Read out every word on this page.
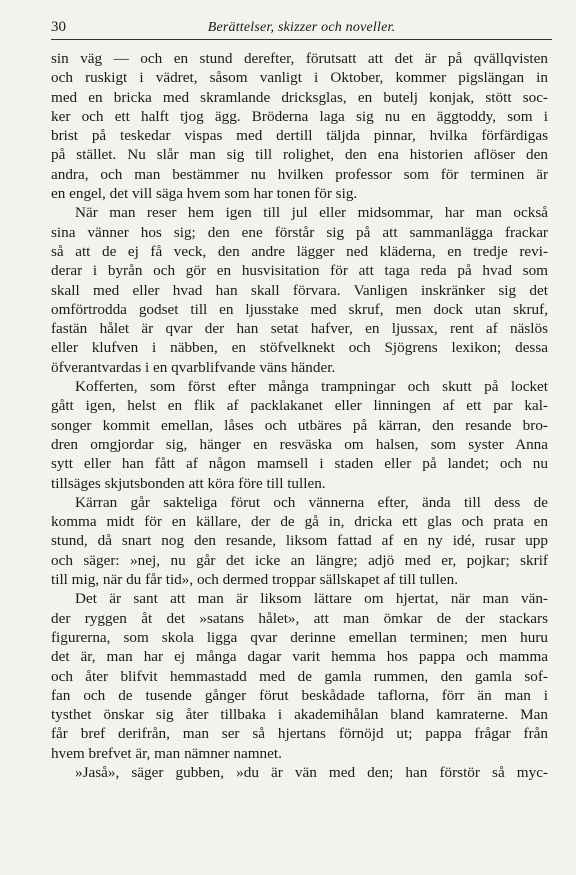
30	Berättelser, skizzer och noveller.
sin väg — och en stund derefter, förutsatt att det är på qvällqvisten
och ruskigt i vädret, såsom vanligt i Oktober, kommer pigslängan in
med en bricka med skramlande dricksglas, en butelj konjak, stött soc-
ker och ett halft tjog ägg. Bröderna laga sig nu en äggtoddy, som i
brist på teskedar vispas med dertill täljda pinnar, hvilka förfärdigas
på stället. Nu slår man sig till rolighet, den ena historien aflöser den
andra, och man bestämmer nu hvilken professor som för terminen är
en engel, det vill säga hvem som har tonen för sig.
När man reser hem igen till jul eller midsommar, har man också
sina vänner hos sig; den ene förstår sig på att sammanlägga frackar
så att de ej få veck, den andre lägger ned kläderna, en tredje revi-
derar i byrån och gör en husvisitation för att taga reda på hvad som
skall med eller hvad han skall förvara. Vanligen inskränker sig det
omförtrodda godset till en ljusstake med skruf, men dock utan skruf,
fastän hålet är qvar der han setat hafver, en ljussax, rent af näslös
eller klufven i näbben, en stöfvelknekt och Sjögrens lexikon; dessa
öfverantvardas i en qvarblifvande väns händer.
Kofferten, som först efter många trampningar och skutt på locket
gått igen, helst en flik af packlakanet eller linningen af ett par kal-
songer kommit emellan, låses och utbäres på kärran, den resande bro-
dren omgjordar sig, hänger en resväska om halsen, som syster Anna
sytt eller han fått af någon mamsell i staden eller på landet; och nu
tillsäges skjutsbonden att köra före till tullen.
Kärran går sakteliga förut och vännerna efter, ända till dess de
komma midt för en källare, der de gå in, dricka ett glas och prata en
stund, då snart nog den resande, liksom fattad af en ny idé, rusar upp
och säger: »nej, nu går det icke an längre; adjö med er, pojkar; skrif
till mig, när du får tid», och dermed troppar sällskapet af till tullen.
Det är sant att man är liksom lättare om hjertat, när man vän-
der ryggen åt det »satans hålet», att man ömkar de der stackars
figurerna, som skola ligga qvar derinne emellan terminen; men huru
det är, man har ej många dagar varit hemma hos pappa och mamma
och åter blifvit hemmastadd med de gamla rummen, den gamla sof-
fan och de tusende gånger förut beskådade taflorna, förr än man i
tysthet önskar sig åter tillbaka i akademihålan bland kamraterne. Man
får bref derifrån, man ser så hjertans förnöjd ut; pappa frågar från
hvem brefvet är, man nämner namnet.
»Jaså», säger gubben, »du är vän med den; han förstör så myc-
